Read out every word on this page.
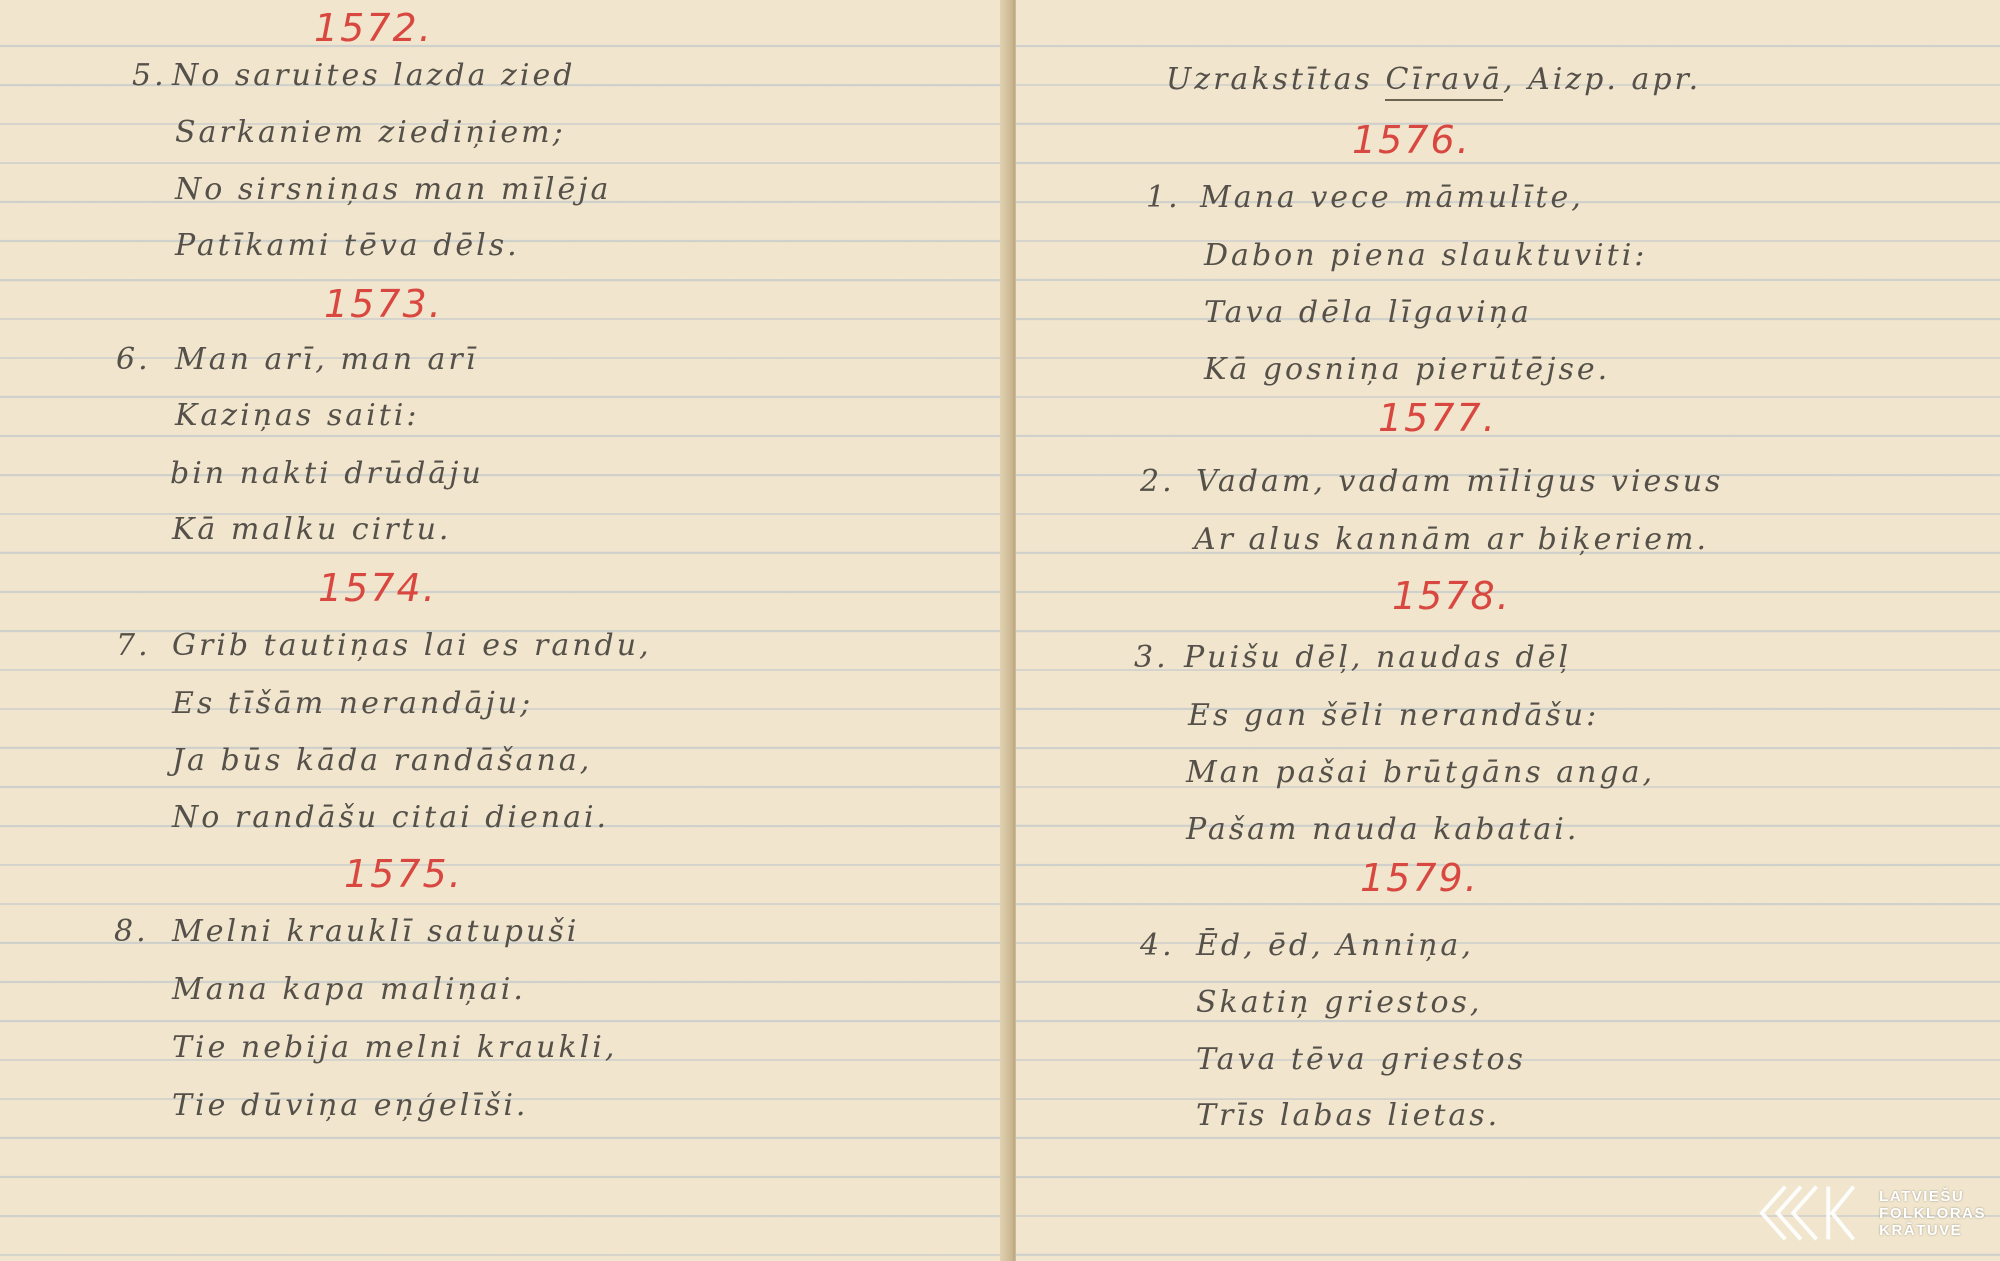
1572.
5. No saruites lazda zied
Sarkaniem ziediņiem;
No sirsniņas man mīlēja
Patīkami tēva dēls.
1573.
6. Man arī, man arī
Kaziņas saiti:
bin nakti drūdāju
Kā malku cirtu.
1574.
7. Grib tautiņas lai es randu,
Es tīšām nerandāju;
Ja būs kāda randāšana,
No randāšu citai dienai.
1575.
8. Melni krauklī satupuši
Mana kapa maliņai.
Tie nebija melni kraukli,
Tie dūviņa eņģelīši.
Uzrakstītas Cīravā, Aizp. apr.
1576.
1. Mana vece māmulīte,
Dabon piena slauktuviti:
Tava dēla līgaviņa
Kā gosniņa pierūtējse.
1577.
2. Vadam, vadam mīligus viesus
Ar alus kannām ar biķeriem.
1578.
3. Puišu dēļ, naudas dēļ
Es gan šēli nerandāšu:
Man pašai brūtgāns anga,
Pašam nauda kabatai.
1579.
4. Ēd, ēd, Anniņa,
Skatiņ griestos,
Tava tēva griestos
Trīs labas lietas.
LATVIEŠU
FOLKLORAS
KRĀTUVE
